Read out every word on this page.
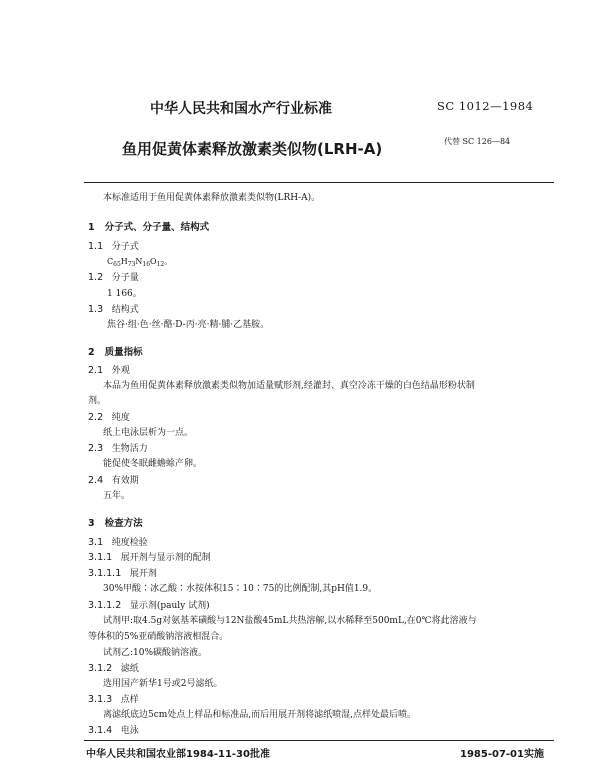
中华人民共和国水产行业标准	SC 1012—1984
鱼用促黄体素释放激素类似物(LRH-A)	代替 SC 126—84
本标准适用于鱼用促黄体素释放激素类似物(LRH-A)。
1 分子式、分子量、结构式
1.1 分子式
$C_{65}H_{73}N_{16}O_{12}$。
1.2 分子量
1 166。
1.3 结构式
焦谷·组·色·丝·酪·D-丙·亮·精·脯·乙基胺。
2 质量指标
2.1 外观
本品为鱼用促黄体素释放激素类似物加适量赋形剂,经灌封、真空冷冻干燥的白色结晶形粉状制
剂。
2.2 纯度
纸上电泳层析为一点。
2.3 生物活力
能促使冬眠雌蟾蜍产卵。
2.4 有效期
五年。
3 检查方法
3.1 纯度检验
3.1.1 展开剂与显示剂的配制
3.1.1.1 展开剂
30%甲酸∶冰乙酸∶水按体积15∶10∶75的比例配制,其pH值1.9。
3.1.1.2 显示剂(pauly 试剂)
试剂甲:取4.5g对氨基苯磺酸与12N盐酸45mL共热溶解,以水稀释至500mL,在0℃将此溶液与
等体积的5%亚硝酸钠溶液相混合。
试剂乙:10%碳酸钠溶液。
3.1.2 滤纸
选用国产新华1号或2号滤纸。
3.1.3 点样
离滤纸底边5cm处点上样品和标准品,而后用展开剂将滤纸喷湿,点样处最后喷。
3.1.4 电泳
中华人民共和国农业部1984-11-30批准	1985-07-01实施
